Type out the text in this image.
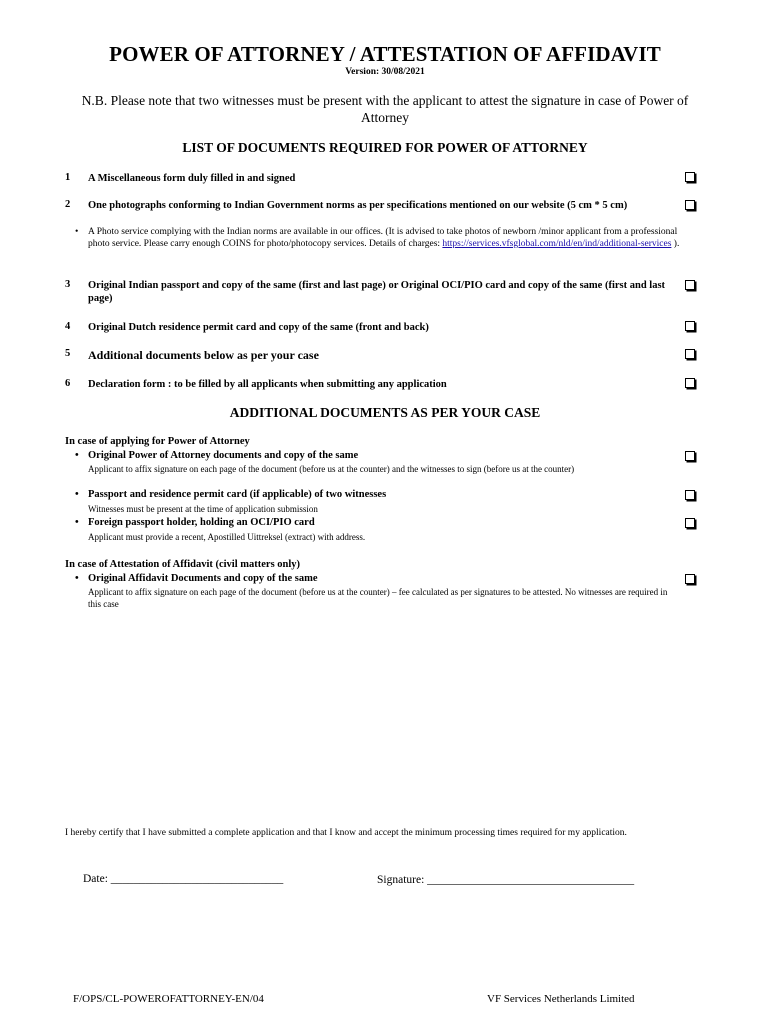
POWER OF ATTORNEY / ATTESTATION OF AFFIDAVIT
Version: 30/08/2021
N.B. Please note that two witnesses must be present with the applicant to attest the signature in case of Power of Attorney
LIST OF DOCUMENTS REQUIRED FOR POWER OF ATTORNEY
1 A Miscellaneous form duly filled in and signed
2 One photographs conforming to Indian Government norms as per specifications mentioned on our website (5 cm * 5 cm)
• A Photo service complying with the Indian norms are available in our offices. (It is advised to take photos of newborn /minor applicant from a professional photo service. Please carry enough COINS for photo/photocopy services. Details of charges: https://services.vfsglobal.com/nld/en/ind/additional-services ).
3 Original Indian passport and copy of the same (first and last page) or Original OCI/PIO card and copy of the same (first and last page)
4 Original Dutch residence permit card and copy of the same (front and back)
5 Additional documents below as per your case
6 Declaration form : to be filled by all applicants when submitting any application
ADDITIONAL DOCUMENTS AS PER YOUR CASE
In case of applying for Power of Attorney
• Original Power of Attorney documents and copy of the same
Applicant to affix signature on each page of the document (before us at the counter) and the witnesses to sign (before us at the counter)
• Passport and residence permit card (if applicable) of two witnesses
Witnesses must be present at the time of application submission
• Foreign passport holder, holding an OCI/PIO card
Applicant must provide a recent, Apostilled Uittreksel (extract) with address.
In case of Attestation of Affidavit (civil matters only)
• Original Affidavit Documents and copy of the same
Applicant to affix signature on each page of the document (before us at the counter) – fee calculated as per signatures to be attested. No witnesses are required in this case
I hereby certify that I have submitted a complete application and that I know and accept the minimum processing times required for my application.
Date: ______________________________	Signature: ____________________________________
F/OPS/CL-POWEROFATTORNEY-EN/04	VF Services Netherlands Limited
